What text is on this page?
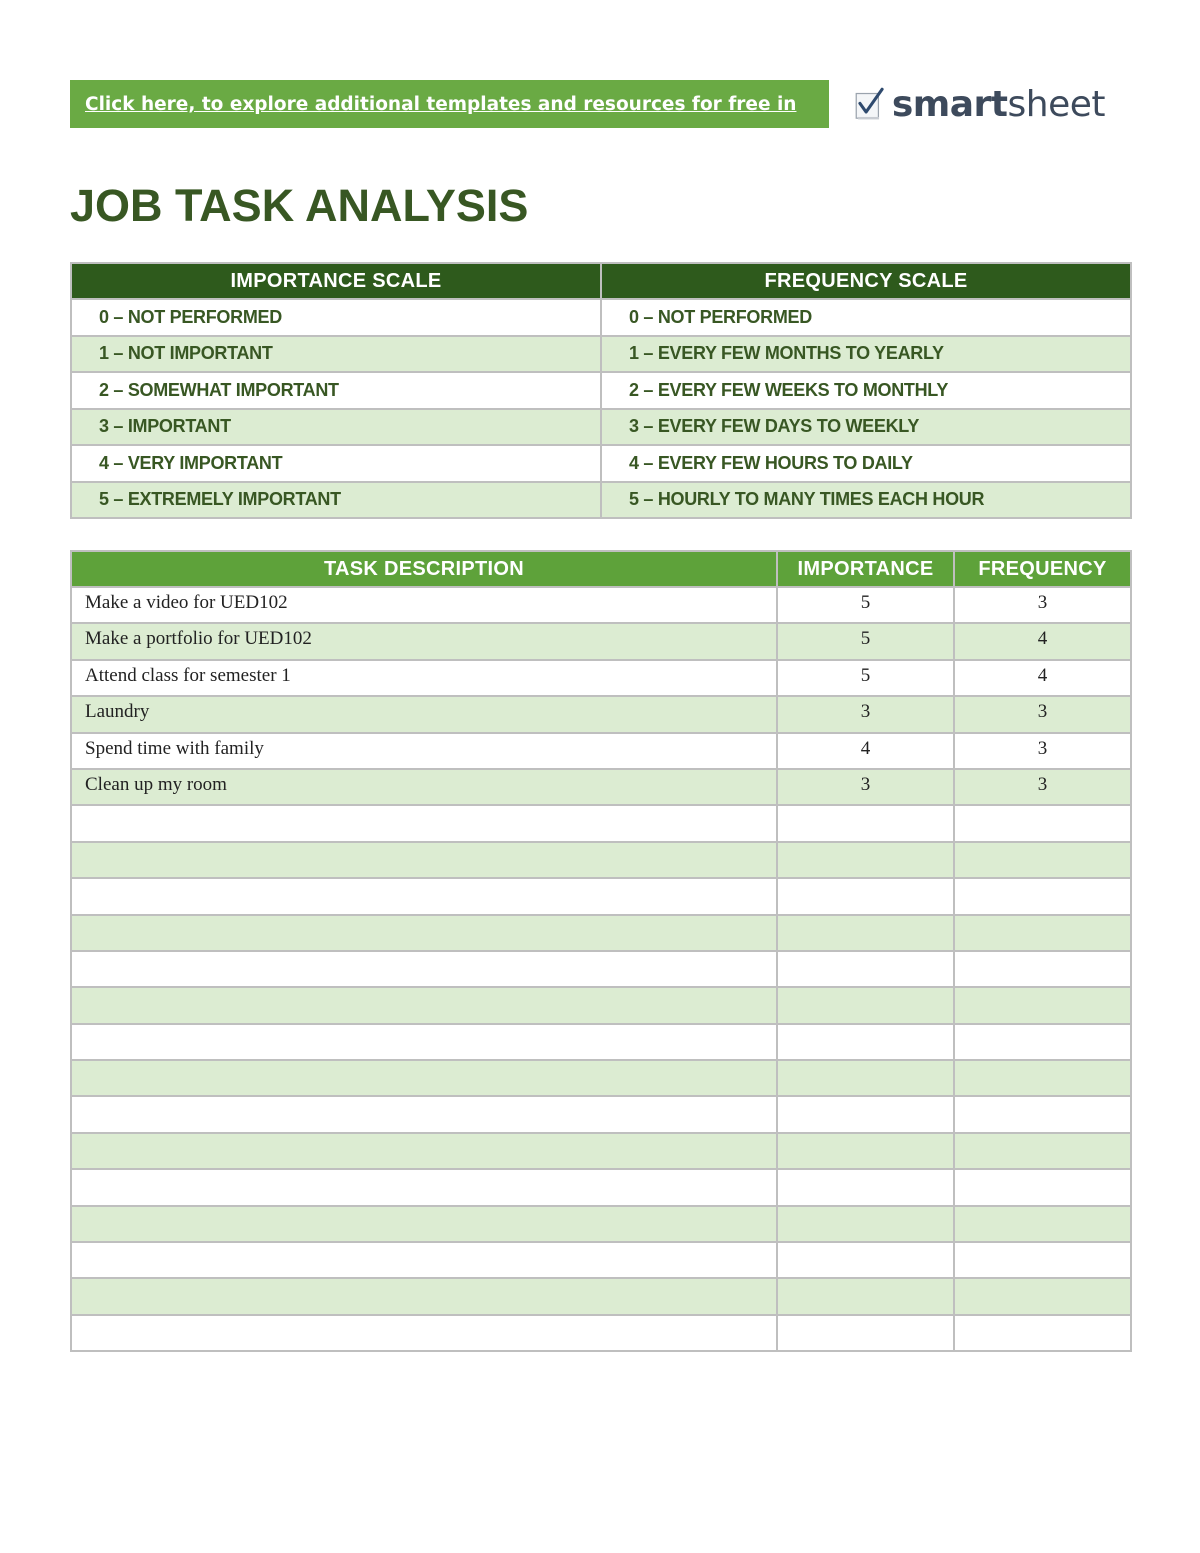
Click here, to explore additional templates and resources for free in	smartsheet
JOB TASK ANALYSIS
IMPORTANCE SCALE	FREQUENCY SCALE
0 – NOT PERFORMED	0 – NOT PERFORMED
1 – NOT IMPORTANT	1 – EVERY FEW MONTHS TO YEARLY
2 – SOMEWHAT IMPORTANT	2 – EVERY FEW WEEKS TO MONTHLY
3 – IMPORTANT	3 – EVERY FEW DAYS TO WEEKLY
4 – VERY IMPORTANT	4 – EVERY FEW HOURS TO DAILY
5 – EXTREMELY IMPORTANT	5 – HOURLY TO MANY TIMES EACH HOUR
TASK DESCRIPTION	IMPORTANCE	FREQUENCY
Make a video for UED102	5	3
Make a portfolio for UED102	5	4
Attend class for semester 1	5	4
Laundry	3	3
Spend time with family	4	3
Clean up my room	3	3
